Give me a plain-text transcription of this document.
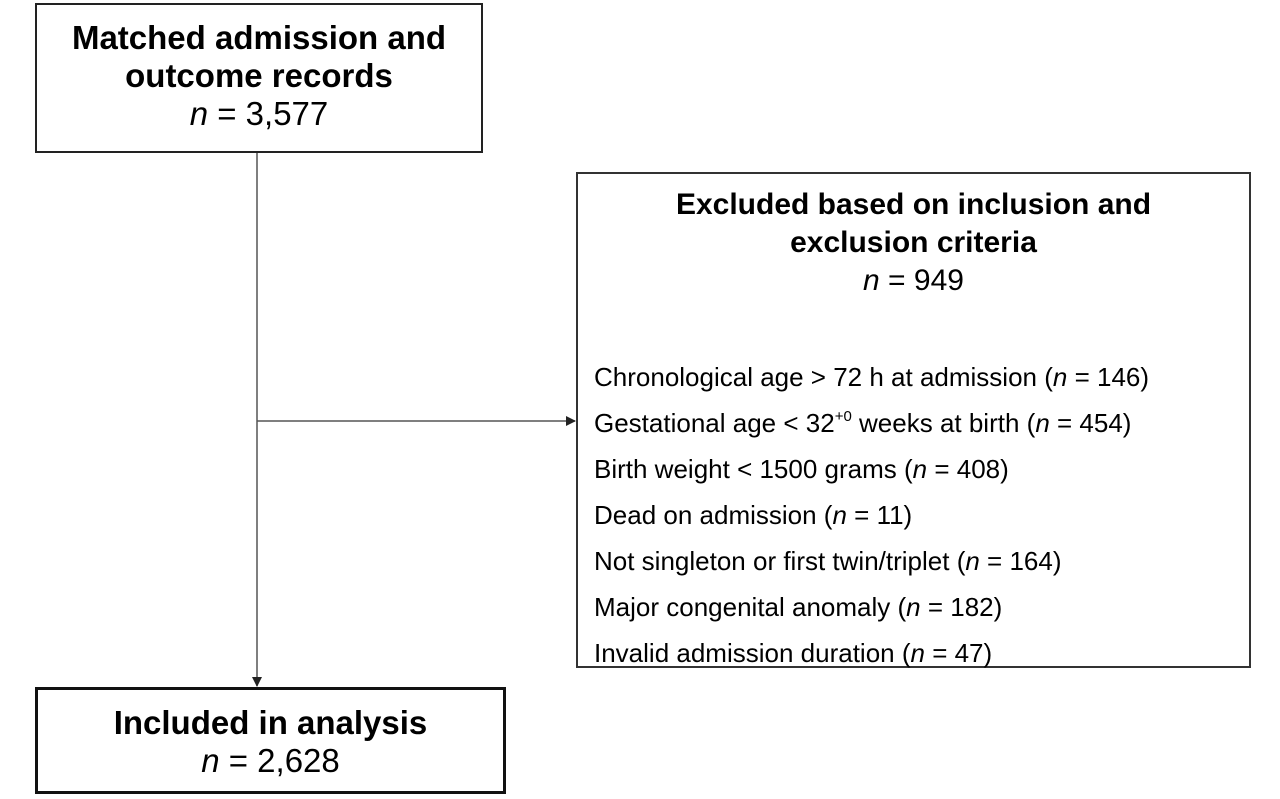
Matched admission and
outcome records
n = 3,577
Excluded based on inclusion and
exclusion criteria
n = 949
Chronological age > 72 h at admission (n = 146)
Gestational age < $32^{+0}$ weeks at birth (n = 454)
Birth weight < 1500 grams (n = 408)
Dead on admission (n = 11)
Not singleton or first twin/triplet (n = 164)
Major congenital anomaly (n = 182)
Invalid admission duration (n = 47)
Included in analysis
n = 2,628
